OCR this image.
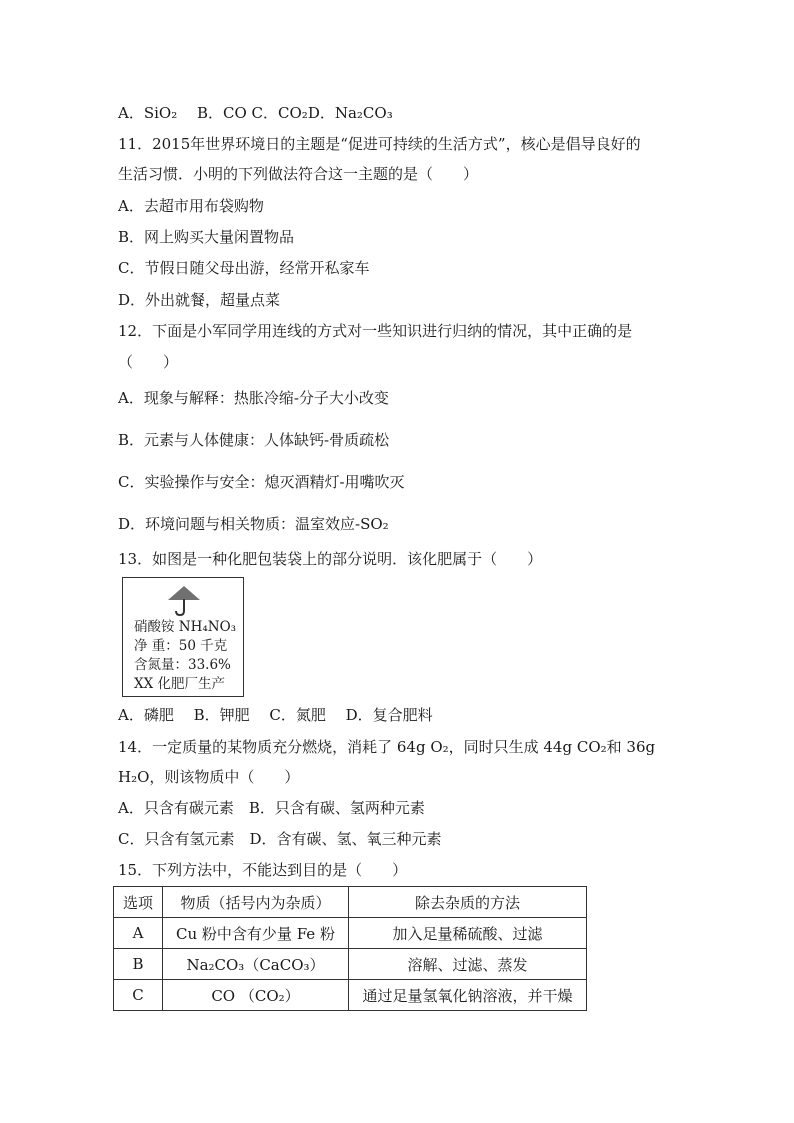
A．SiO₂　 B．CO C．CO₂D．Na₂CO₃
11．2015年世界环境日的主题是“促进可持续的生活方式”，核心是倡导良好的
生活习惯．小明的下列做法符合这一主题的是（　　）
A．去超市用布袋购物
B．网上购买大量闲置物品
C．节假日随父母出游，经常开私家车
D．外出就餐，超量点菜
12．下面是小军同学用连线的方式对一些知识进行归纳的情况，其中正确的是
（　　）
A．现象与解释：热胀冷缩-分子大小改变
B．元素与人体健康：人体缺钙-骨质疏松
C．实验操作与安全：熄灭酒精灯-用嘴吹灭
D．环境问题与相关物质：温室效应-SO₂
13．如图是一种化肥包装袋上的部分说明．该化肥属于（　　）
硝酸铵 NH₄NO₃
净 重：50 千克
含氮量：33.6%
XX 化肥厂生产
A．磷肥　 B．钾肥　 C．氮肥　 D．复合肥料
14．一定质量的某物质充分燃烧，消耗了 64g O₂，同时只生成 44g CO₂和 36g
H₂O，则该物质中（　　）
A．只含有碳元素　B．只含有碳、氢两种元素
C．只含有氢元素　D．含有碳、氢、氧三种元素
15．下列方法中，不能达到目的是（　　）
选项	物质（括号内为杂质）	除去杂质的方法
A	Cu 粉中含有少量 Fe 粉	加入足量稀硫酸、过滤
B	Na₂CO₃（CaCO₃）	溶解、过滤、蒸发
C	CO （CO₂）	通过足量氢氧化钠溶液，并干燥
